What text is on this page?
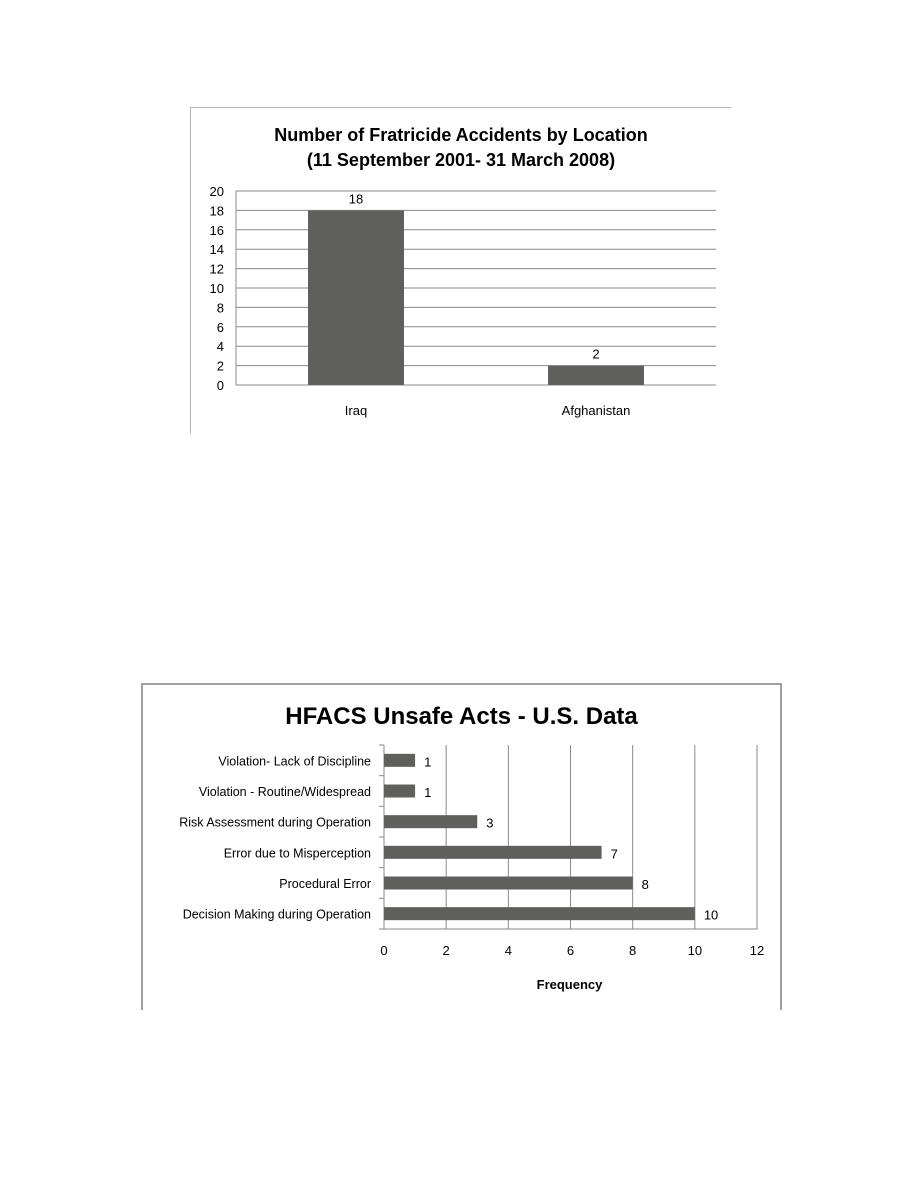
Number of Fratricide Accidents by Location
(11 September 2001- 31 March 2008)
0
2
4
6
8
10
12
14
16
18
20	18
Iraq
2
Afghanistan
HFACS Unsafe Acts - U.S. Data
0	2	4	6	8	10	12
1
Violation- Lack of Discipline
1
Violation - Routine/Widespread
3
Risk Assessment during Operation
7
Error due to Misperception
8
Procedural Error
10
Decision Making during Operation
Frequency
